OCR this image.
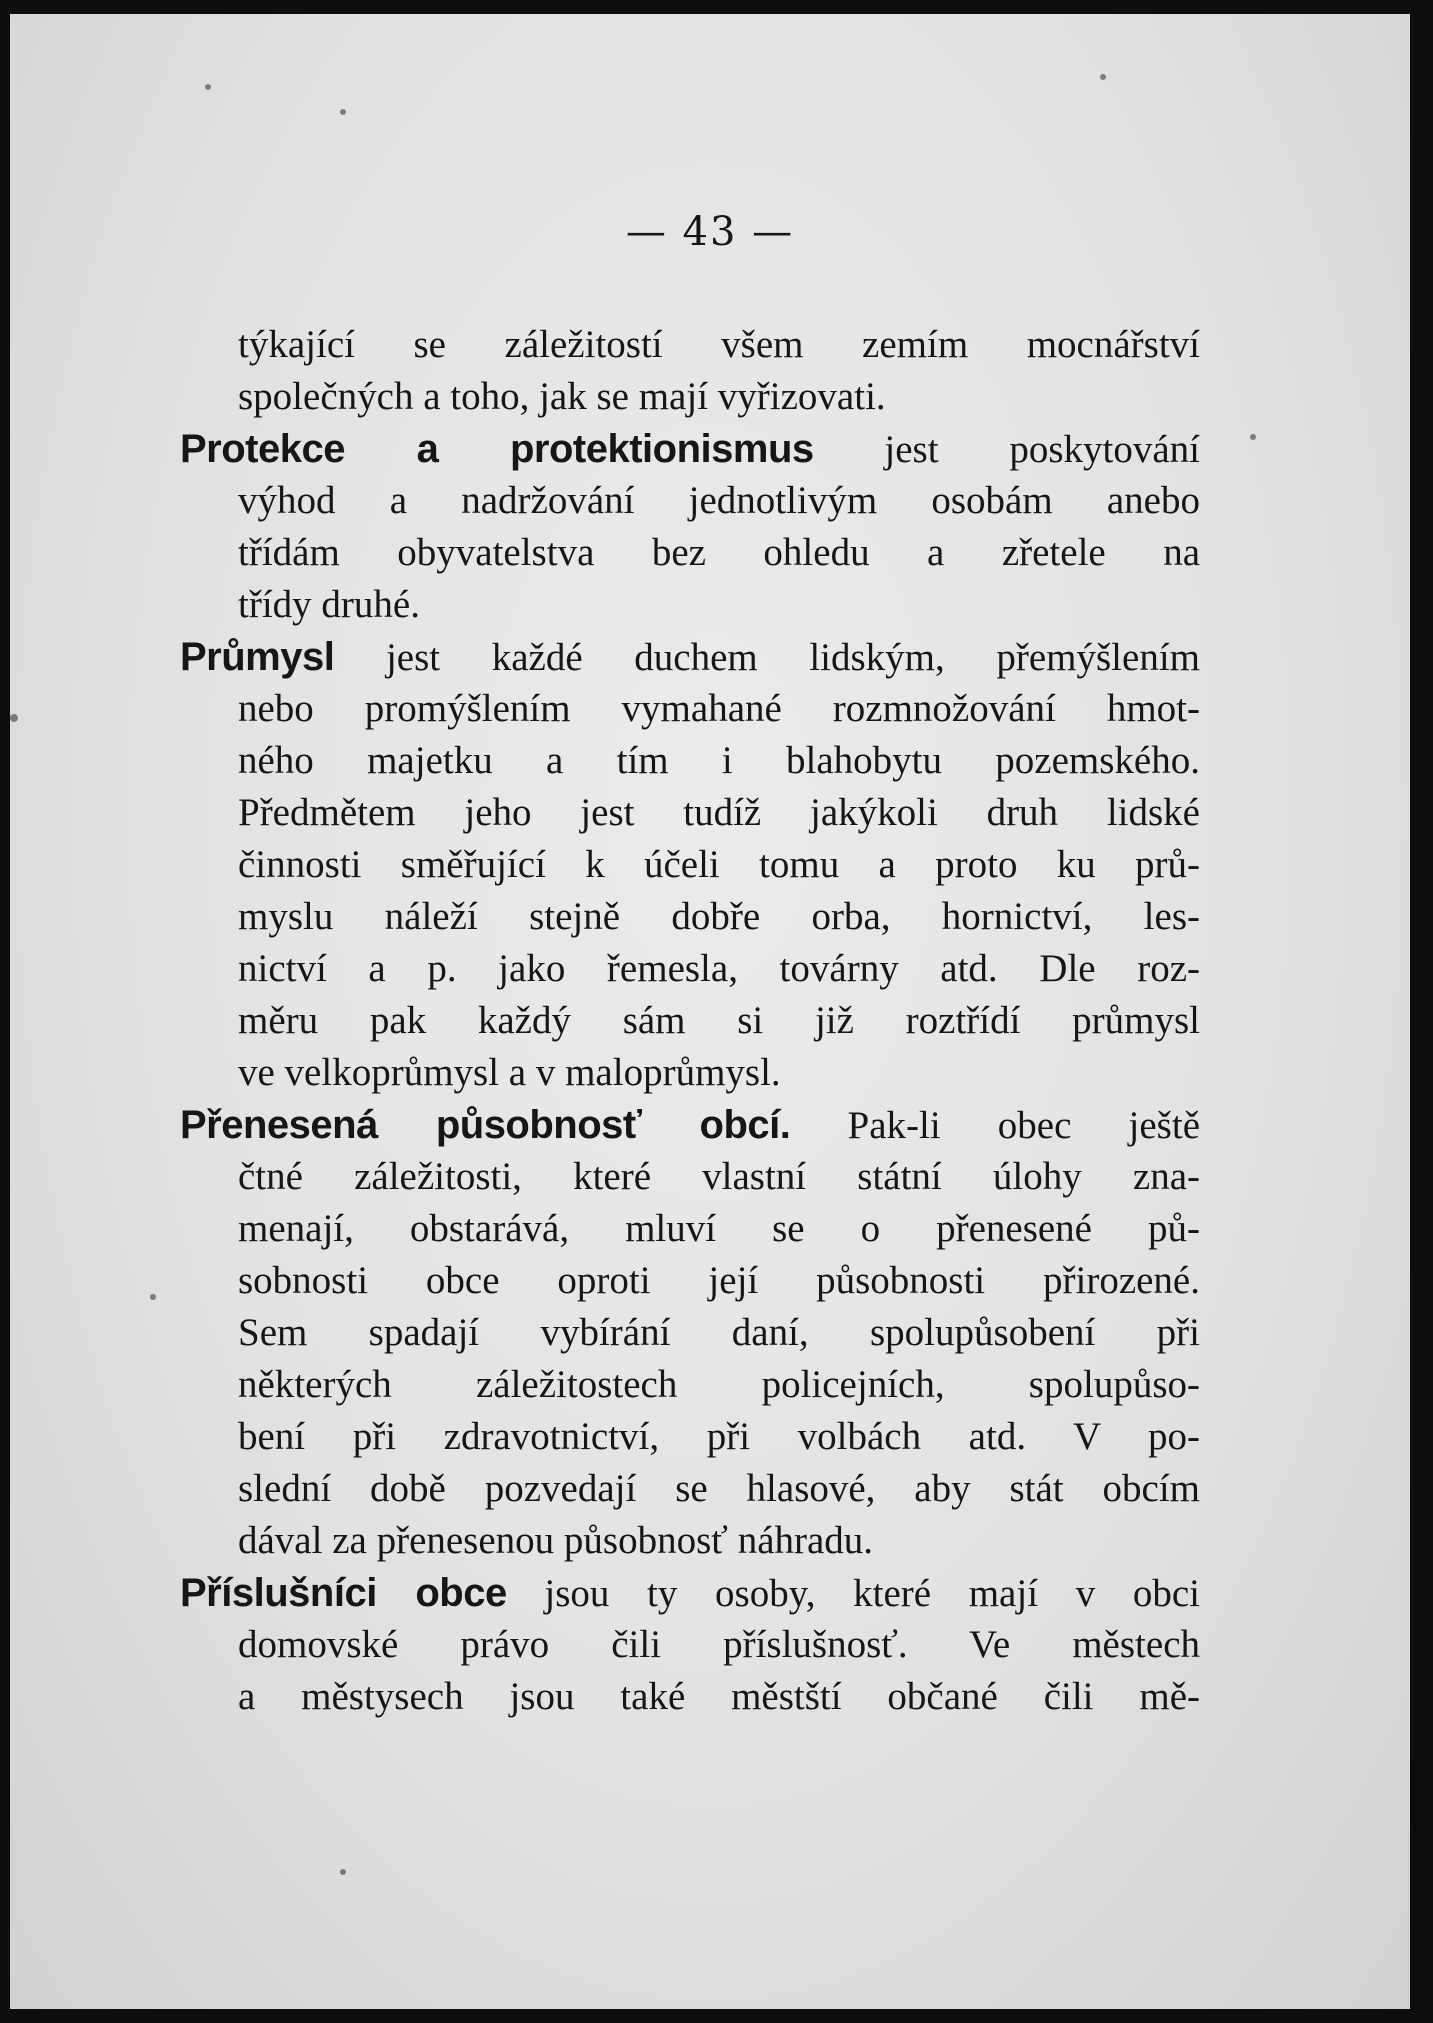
— 43 —
týkající se záležitostí všem zemím mocnářství
společných a toho, jak se mají vyřizovati.
Protekce a protektionismus jest poskytování
výhod a nadržování jednotlivým osobám anebo
třídám obyvatelstva bez ohledu a zřetele na
třídy druhé.
Průmysl jest každé duchem lidským, přemýšlením
nebo promýšlením vymahané rozmnožování hmot-
ného majetku a tím i blahobytu pozemského.
Předmětem jeho jest tudíž jakýkoli druh lidské
činnosti směřující k účeli tomu a proto ku prů-
myslu náleží stejně dobře orba, hornictví, les-
nictví a p. jako řemesla, továrny atd. Dle roz-
měru pak každý sám si již roztřídí průmysl
ve velkoprůmysl a v maloprůmysl.
Přenesená působnosť obcí. Pak-li obec ještě
čtné záležitosti, které vlastní státní úlohy zna-
menají, obstarává, mluví se o přenesené pů-
sobnosti obce oproti její působnosti přirozené.
Sem spadají vybírání daní, spolupůsobení při
některých záležitostech policejních, spolupůso-
bení při zdravotnictví, při volbách atd. V po-
slední době pozvedají se hlasové, aby stát obcím
dával za přenesenou působnosť náhradu.
Příslušníci obce jsou ty osoby, které mají v obci
domovské právo čili příslušnosť. Ve městech
a městysech jsou také městští občané čili mě-
